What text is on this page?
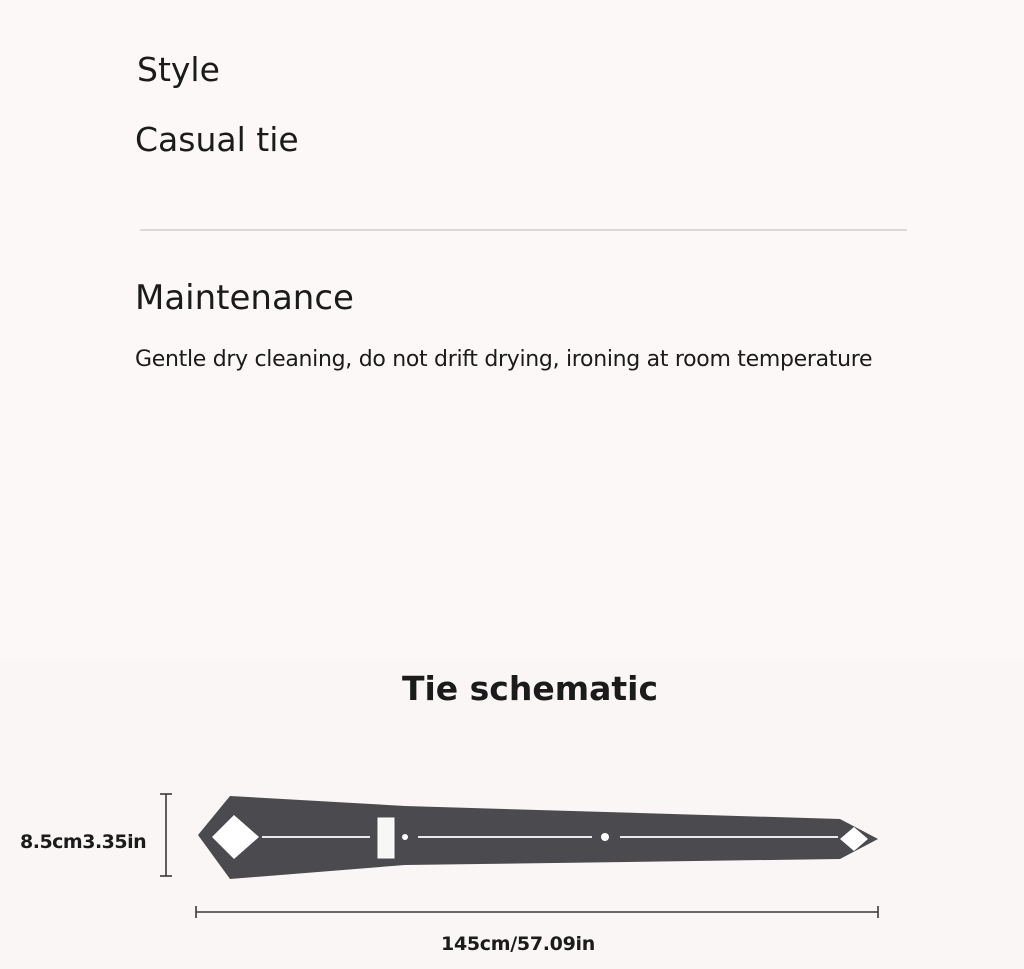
Style

Casual tie

Maintenance

Gentle dry cleaning, do not drift drying, ironing at room temperature

Tie schematic
8.5cm3.35in
145cm/57.09in
